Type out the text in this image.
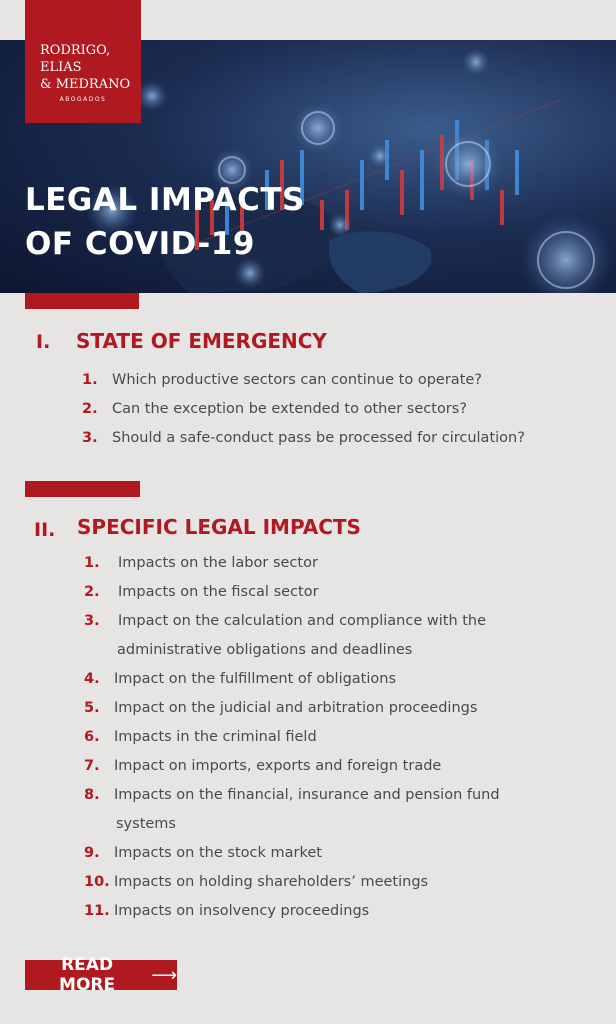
LEGAL IMPACTS
OF COVID-19
RODRIGO,
ELIAS
& MEDRANO
ABOGADOS
I. STATE OF EMERGENCY
1. Which productive sectors can continue to operate?
2. Can the exception be extended to other sectors?
3. Should a safe-conduct pass be processed for circulation?
II. SPECIFIC LEGAL IMPACTS
1. Impacts on the labor sector
2. Impacts on the fiscal sector
3. Impact on the calculation and compliance with the
administrative obligations and deadlines
4. Impact on the fulfillment of obligations
5. Impact on the judicial and arbitration proceedings
6. Impacts in the criminal field
7. Impact on imports, exports and foreign trade
8. Impacts on the financial, insurance and pension fund
systems
9. Impacts on the stock market
10. Impacts on holding shareholders’ meetings
11. Impacts on insolvency proceedings
READ MORE	⟶
